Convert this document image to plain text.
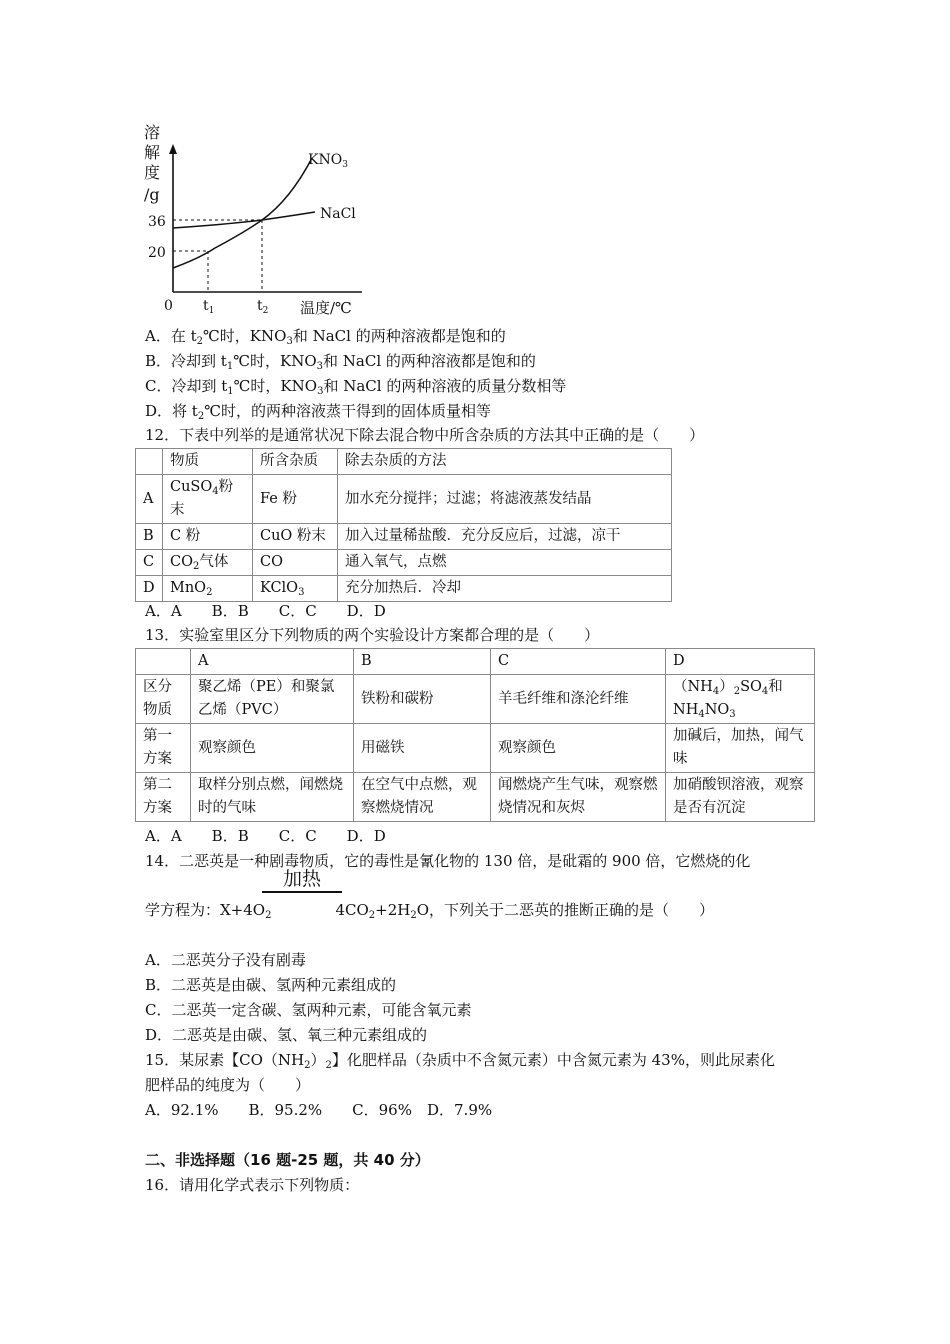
溶
解
度
/g
36
20
0 $t_1$	$t_2$ 温度/℃
$KNO_3$
NaCl
A．在 $t_2℃$时，$KNO_3$和 NaCl 的两种溶液都是饱和的
B．冷却到 $t_1℃$时，$KNO_3$和 NaCl 的两种溶液都是饱和的
C．冷却到 $t_1℃$时，$KNO_3$和 NaCl 的两种溶液的质量分数相等
D．将 $t_2℃$时，的两种溶液蒸干得到的固体质量相等
12．下表中列举的是通常状况下除去混合物中所含杂质的方法其中正确的是（　　）
	物质	所含杂质	除去杂质的方法
A	CuSO$_4$粉
末	Fe 粉	加水充分搅拌；过滤；将滤液蒸发结晶
B	C 粉	CuO 粉末	加入过量稀盐酸．充分反应后，过滤，凉干
C	$CO_2$气体	CO	通入氧气，点燃
D	MnO$_2$	KClO$_3$	充分加热后．冷却
A．A　　B．B　　C．C　　D．D
13．实验室里区分下列物质的两个实验设计方案都合理的是（　　）
	A	B	C	D
区分物质	聚乙烯（PE）和聚氯乙烯（PVC）	铁粉和碳粉	羊毛纤维和涤沦纤维	$(NH_4)_2SO_4$和
$NH_4NO_3$
第一方案	观察颜色	用磁铁	观察颜色	加碱后，加热，闻气味
第二方案	取样分别点燃，闻燃烧时的气味	在空气中点燃，观察燃烧情况	闻燃烧产生气味，观察燃烧情况和灰烬	加硝酸钡溶液，观察是否有沉淀
A．A　　B．B　　C．C　　D．D
14．二恶英是一种剧毒物质，它的毒性是氰化物的 130 倍，是砒霜的 900 倍，它燃烧的化
加热
学方程为：$X+4O_2$	$4CO_2+2H_2O$，下列关于二恶英的推断正确的是（　　）
A．二恶英分子没有剧毒
B．二恶英是由碳、氢两种元素组成的
C．二恶英一定含碳、氢两种元素，可能含氧元素
D．二恶英是由碳、氢、氧三种元素组成的
15．某尿素【$CO(NH_2)_2$】化肥样品（杂质中不含氮元素）中含氮元素为 43%，则此尿素化
肥样品的纯度为（　　）
A．92.1%　　B．95.2%　　C．96%　D．7.9%
二、非选择题（16 题-25 题，共 40 分）
16．请用化学式表示下列物质：
